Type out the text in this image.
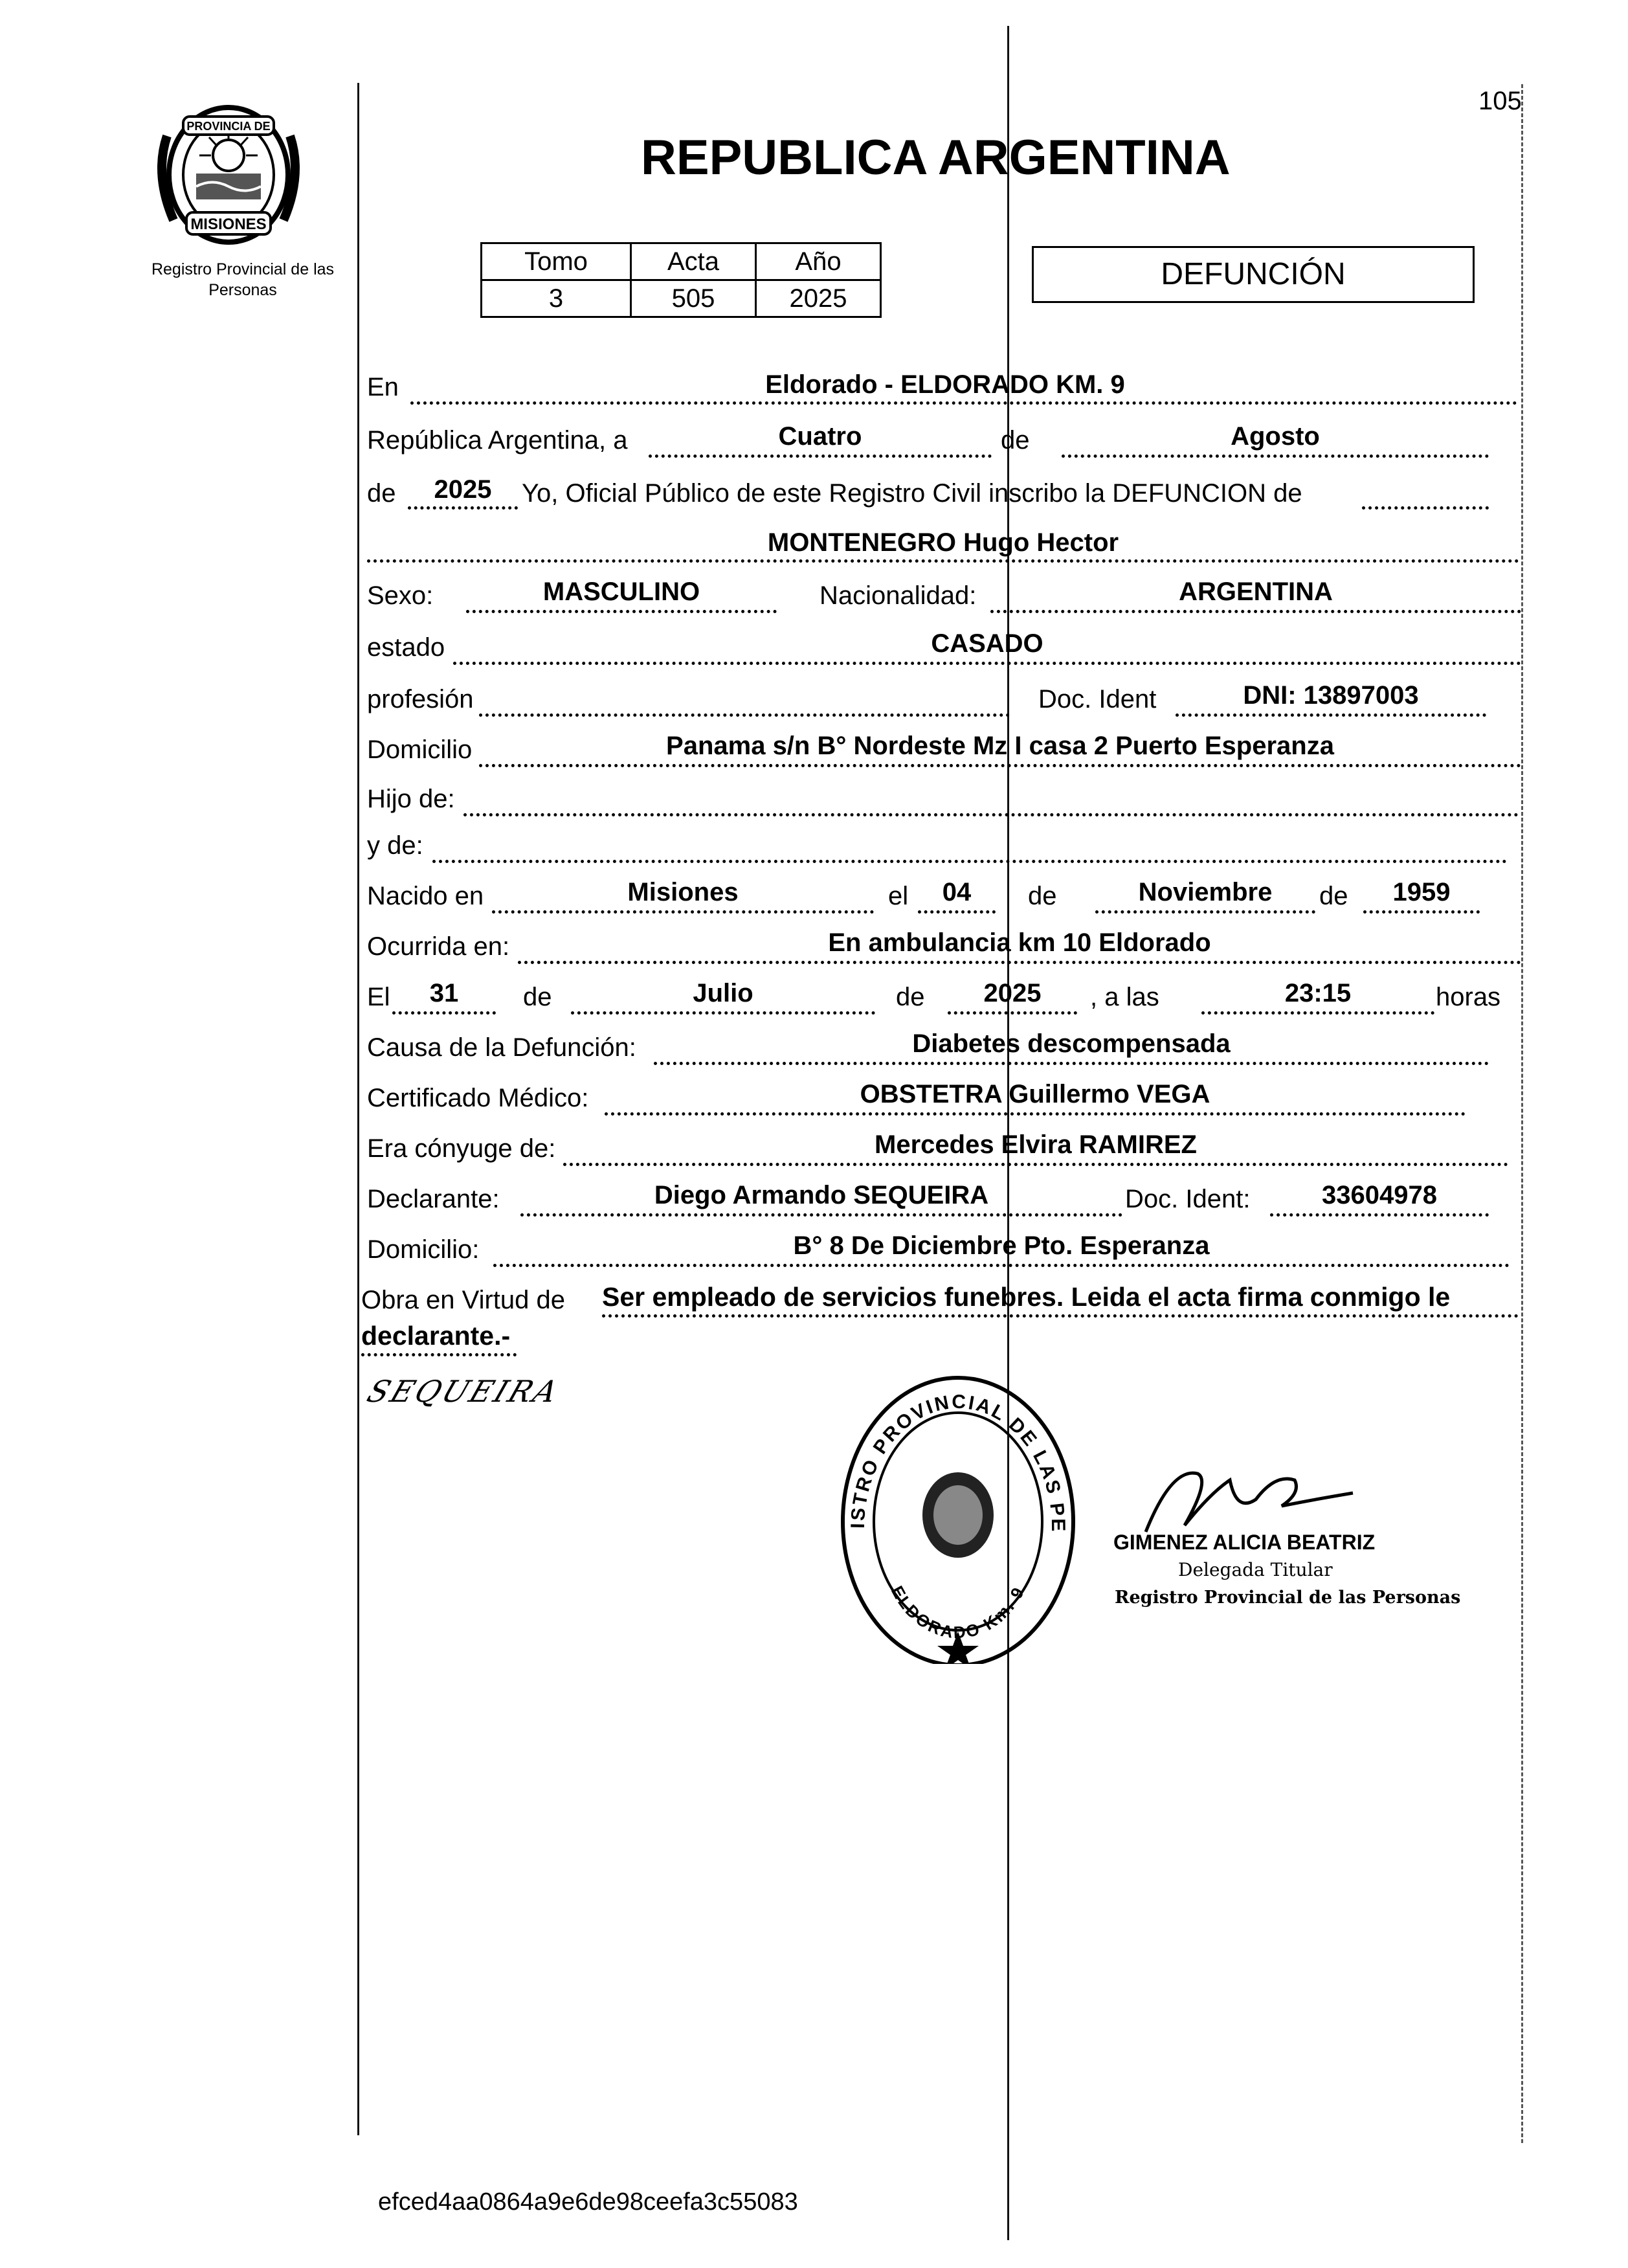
105
PROVINCIA DE
MISIONES
Registro Provincial de las Personas
REPUBLICA ARGENTINA
Tomo	Acta	Año
3	505	2025
DEFUNCIÓN
En	Eldorado - ELDORADO KM. 9
República Argentina, a	Cuatro	de	Agosto
de	2025	Yo, Oficial Público de este Registro Civil inscribo la DEFUNCION de
MONTENEGRO Hugo Hector
Sexo:	MASCULINO	Nacionalidad:	ARGENTINA
estado	CASADO
profesión	Doc. Ident	DNI: 13897003
Domicilio	Panama s/n B° Nordeste Mz I casa 2 Puerto Esperanza
Hijo de:
y de:
Nacido en	Misiones	el	04	de	Noviembre	de	1959
Ocurrida en:	En ambulancia km 10 Eldorado
El	31	de	Julio	de	2025	, a las	23:15	horas
Causa de la Defunción:	Diabetes descompensada
Certificado Médico:	OBSTETRA Guillermo VEGA
Era cónyuge de:	Mercedes Elvira RAMIREZ
Declarante:	Diego Armando SEQUEIRA	Doc. Ident:	33604978
Domicilio:	B° 8 De Diciembre Pto. Esperanza
Obra en Virtud de Ser empleado de servicios funebres. Leida el acta firma conmigo le
declarante.-
SEQUEIRA
ISTRO PROVINCIAL DE LAS PE
ELDORADO Km. 9
GIMENEZ ALICIA BEATRIZ
Delegada Titular
Registro Provincial de las Personas
efced4aa0864a9e6de98ceefa3c55083
